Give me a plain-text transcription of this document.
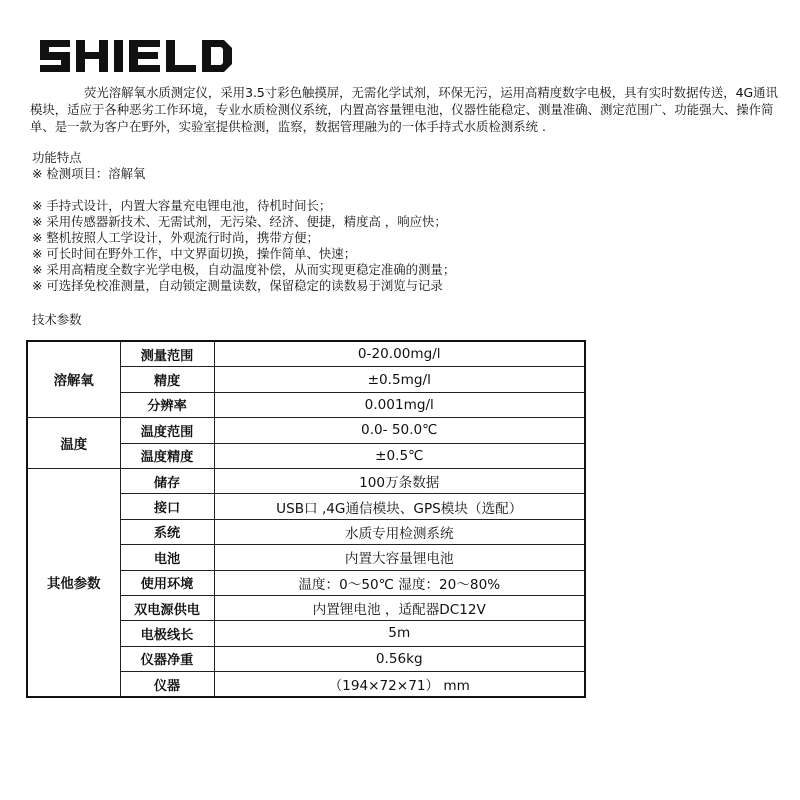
荧光溶解氧水质测定仪，采用3.5寸彩色触摸屏，无需化学试剂，环保无污，运用高精度数字电极，具有实时数据传送，4G通讯模块，适应于各种恶劣工作环境，专业水质检测仪系统，内置高容量锂电池，仪器性能稳定、测量准确、测定范围广、功能强大、操作简单、是一款为客户在野外，实验室提供检测，监察，数据管理融为的一体手持式水质检测系统 .

功能特点

※ 检测项目：溶解氧

※ 手持式设计，内置大容量充电锂电池，待机时间长；
※ 采用传感器新技术、无需试剂，无污染、经济、便捷，精度高 ，响应快；
※ 整机按照人工学设计，外观流行时尚，携带方便；
※ 可长时间在野外工作，中文界面切换，操作简单、快速；
※ 采用高精度全数字光学电极，自动温度补偿，从而实现更稳定准确的测量；
※ 可选择免校准测量，自动锁定测量读数，保留稳定的读数易于浏览与记录

技术参数

溶解氧	测量范围	0-20.00mg/l
	精度	±0.5mg/l
	分辨率	0.001mg/l
温度	温度范围	0.0- 50.0℃
	温度精度	±0.5℃
其他参数	储存	100万条数据
	接口	USB口 ,4G通信模块、GPS模块（选配）
	系统	水质专用检测系统
	电池	内置大容量锂电池
	使用环境	温度：0～50℃ 湿度：20～80%
	双电源供电	内置锂电池 ，适配器DC12V
	电极线长	5m
	仪器净重	0.56kg
	仪器	（194×72×71） mm
